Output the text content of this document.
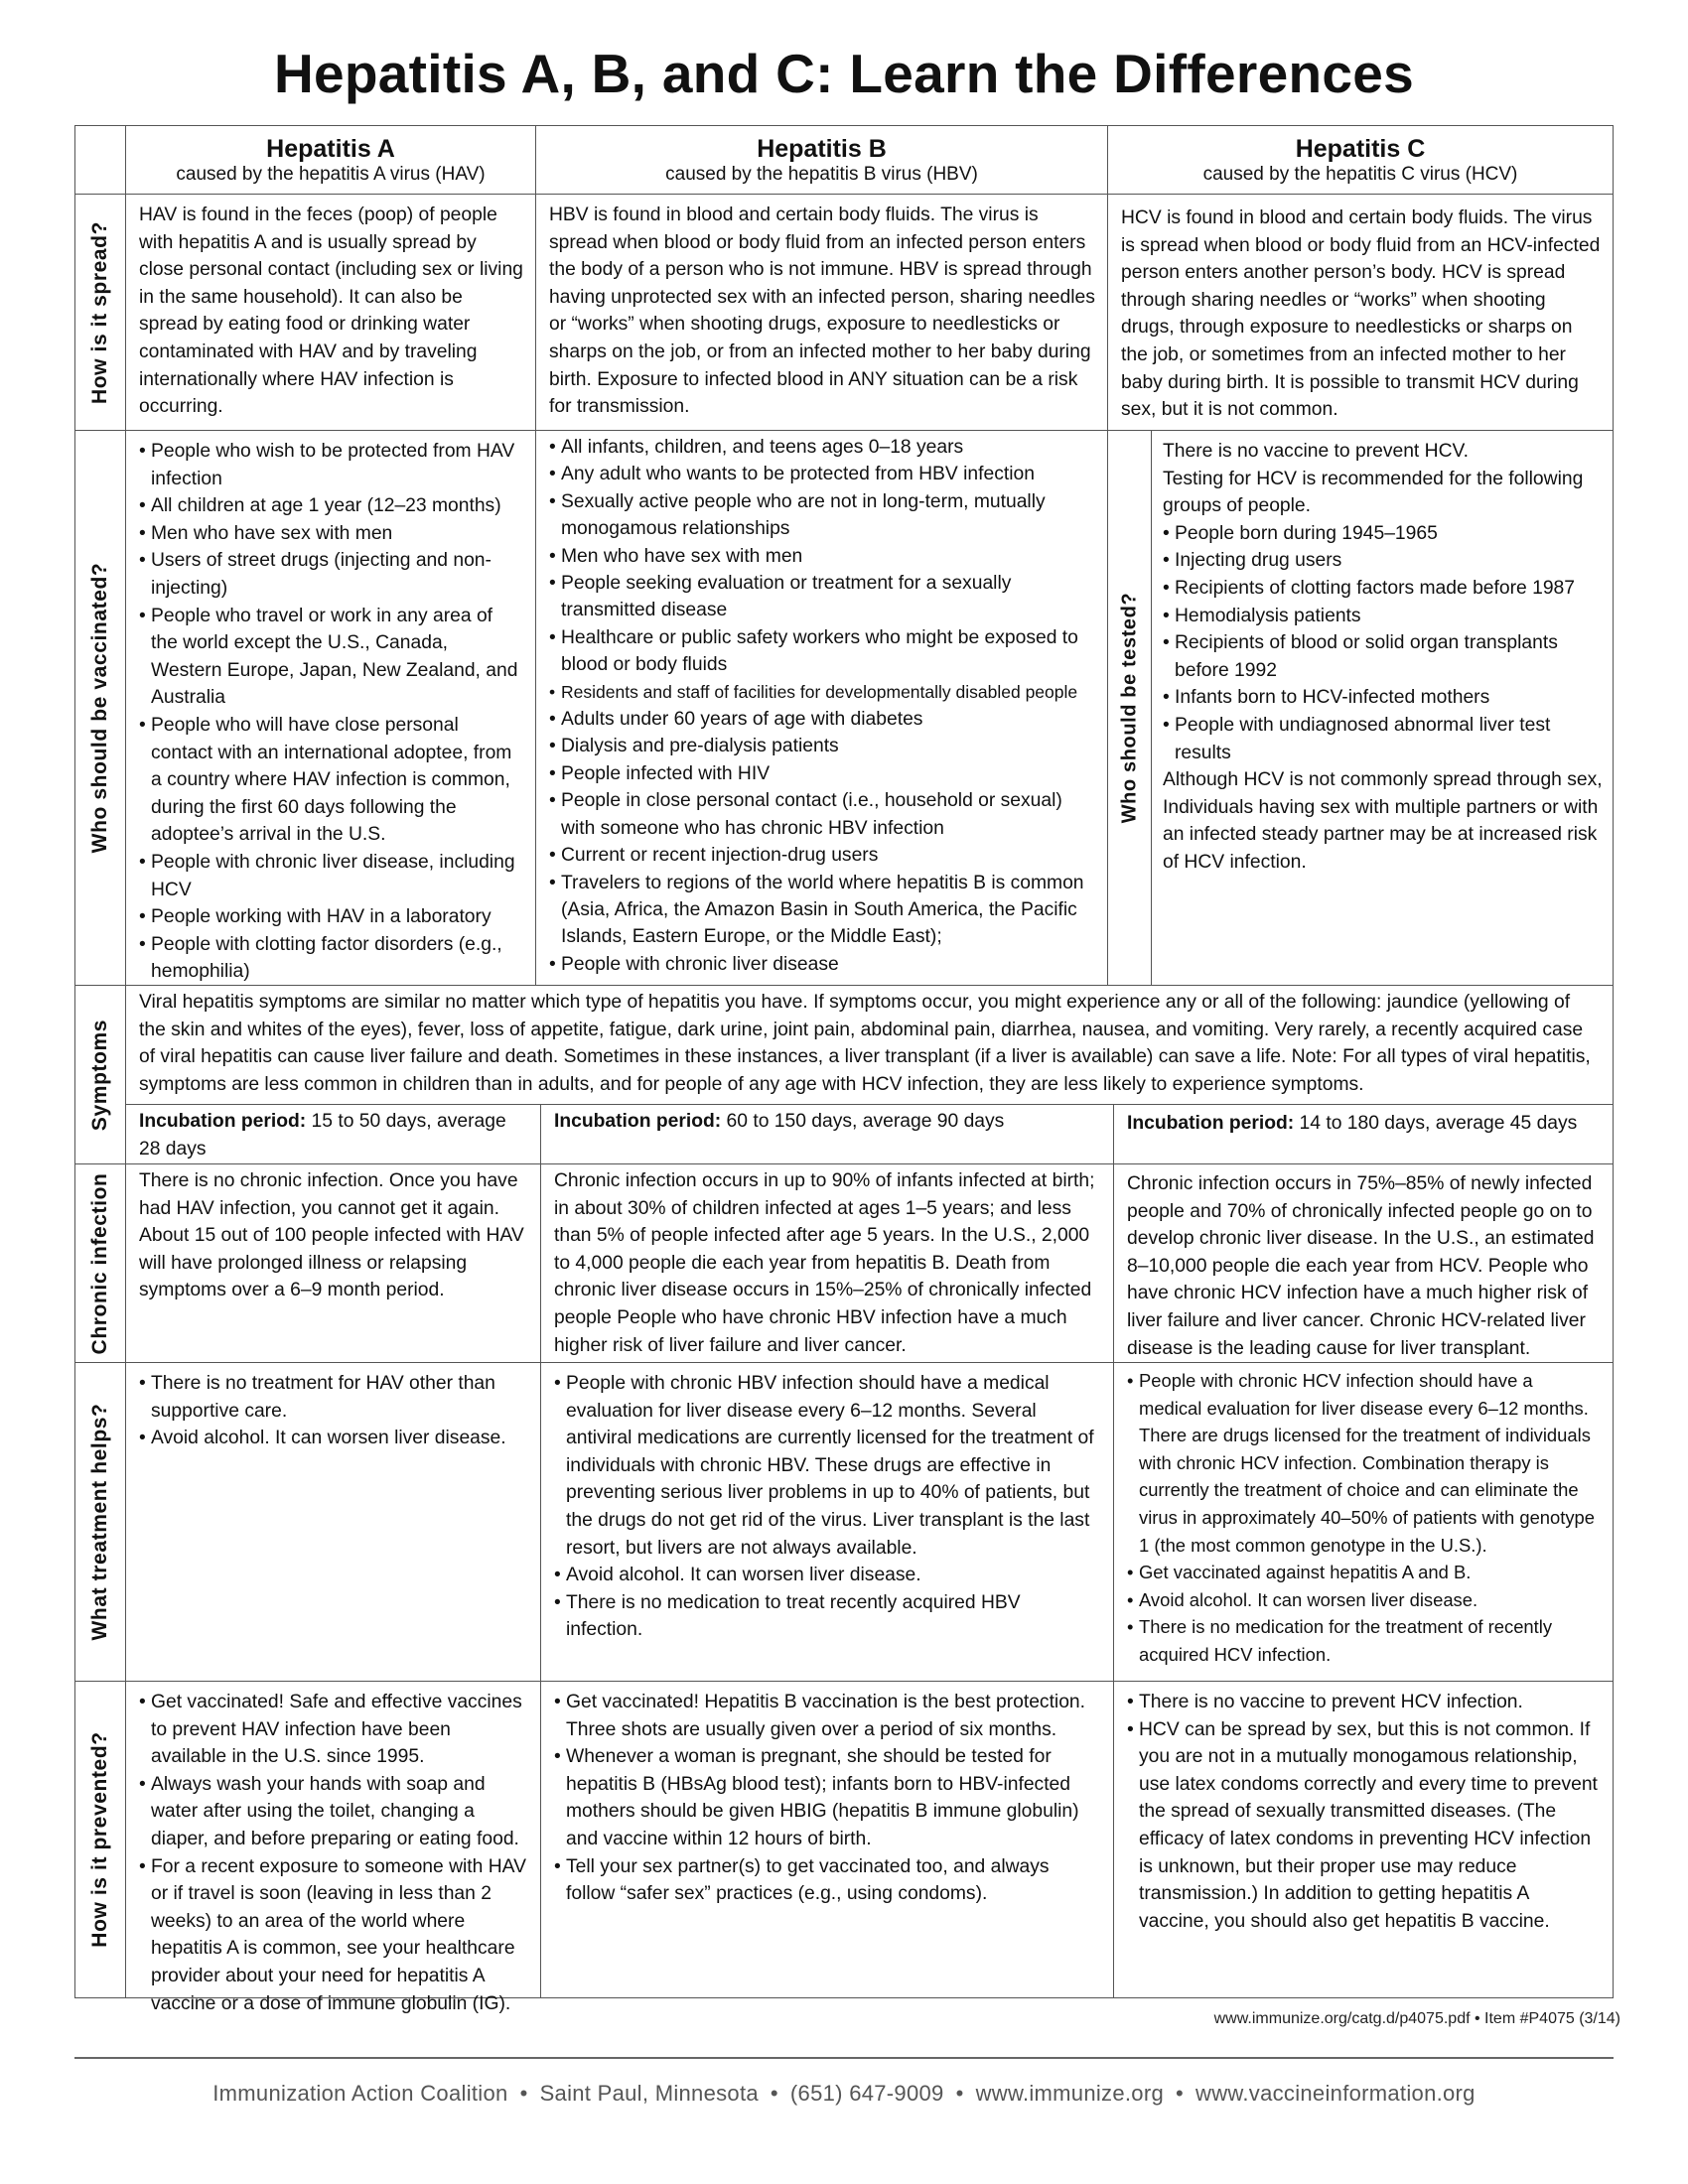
Hepatitis A, B, and C: Learn the Differences
Hepatitis A
caused by the hepatitis A virus (HAV)
Hepatitis B
caused by the hepatitis B virus (HBV)
Hepatitis C
caused by the hepatitis C virus (HCV)
How is it spread?

HAV is found in the feces (poop) of people with hepatitis A and is usually spread by close personal contact (including sex or living in the same household). It can also be spread by eating food or drinking water contaminated with HAV and by traveling internationally where HAV infection is occurring.

HBV is found in blood and certain body fluids. The virus is spread when blood or body fluid from an infected person enters the body of a person who is not immune. HBV is spread through having unprotected sex with an infected person, sharing needles or “works” when shooting drugs, exposure to needlesticks or sharps on the job, or from an infected mother to her baby during birth. Exposure to infected blood in ANY situation can be a risk for transmission.

HCV is found in blood and certain body fluids. The virus is spread when blood or body fluid from an HCV-infected person enters another person’s body. HCV is spread through sharing needles or “works” when shooting drugs, through exposure to needlesticks or sharps on the job, or sometimes from an infected mother to her baby during birth. It is possible to transmit HCV during sex, but it is not common.

Who should be vaccinated?
• People who wish to be protected from HAV infection
• All children at age 1 year (12–23 months)
• Men who have sex with men
• Users of street drugs (injecting and non-injecting)
• People who travel or work in any area of the world except the U.S., Canada, Western Europe, Japan, New Zealand, and Australia
• People who will have close personal contact with an international adoptee, from a country where HAV infection is common, during the first 60 days following the adoptee’s arrival in the U.S.
• People with chronic liver disease, including HCV
• People working with HAV in a laboratory
• People with clotting factor disorders (e.g., hemophilia)
• All infants, children, and teens ages 0–18 years
• Any adult who wants to be protected from HBV infection
• Sexually active people who are not in long-term, mutually monogamous relationships
• Men who have sex with men
• People seeking evaluation or treatment for a sexually transmitted disease
• Healthcare or public safety workers who might be exposed to blood or body fluids
• Residents and staff of facilities for developmentally disabled people
• Adults under 60 years of age with diabetes
• Dialysis and pre-dialysis patients
• People infected with HIV
• People in close personal contact (i.e., household or sexual) with someone who has chronic HBV infection
• Current or recent injection-drug users
• Travelers to regions of the world where hepatitis B is common (Asia, Africa, the Amazon Basin in South America, the Pacific Islands, Eastern Europe, or the Middle East);
• People with chronic liver disease
Who should be tested?

There is no vaccine to prevent HCV.

Testing for HCV is recommended for the following groups of people.

• People born during 1945–1965
• Injecting drug users
• Recipients of clotting factors made before 1987
• Hemodialysis patients
• Recipients of blood or solid organ transplants before 1992
• Infants born to HCV-infected mothers
• People with undiagnosed abnormal liver test results

Although HCV is not commonly spread through sex, Individuals having sex with multiple partners or with an infected steady partner may be at increased risk of HCV infection.

Symptoms

Viral hepatitis symptoms are similar no matter which type of hepatitis you have. If symptoms occur, you might experience any or all of the following: jaundice (yellowing of the skin and whites of the eyes), fever, loss of appetite, fatigue, dark urine, joint pain, abdominal pain, diarrhea, nausea, and vomiting. Very rarely, a recently acquired case of viral hepatitis can cause liver failure and death. Sometimes in these instances, a liver transplant (if a liver is available) can save a life. Note: For all types of viral hepatitis, symptoms are less common in children than in adults, and for people of any age with HCV infection, they are less likely to experience symptoms.

Incubation period: 15 to 50 days, average 28 days
Incubation period: 60 to 150 days, average 90 days	Incubation period: 14 to 180 days, average 45 days
Chronic infection There is no chronic infection. Once you have had HAV infection, you cannot get it again. About 15 out of 100 people infected with HAV will have prolonged illness or relapsing symptoms over a 6–9 month period.

Chronic infection occurs in up to 90% of infants infected at birth; in about 30% of children infected at ages 1–5 years; and less than 5% of people infected after age 5 years. In the U.S., 2,000 to 4,000 people die each year from hepatitis B. Death from chronic liver disease occurs in 15%–25% of chronically infected people People who have chronic HBV infection have a much higher risk of liver failure and liver cancer.

Chronic infection occurs in 75%–85% of newly infected people and 70% of chronically infected people go on to develop chronic liver disease. In the U.S., an estimated 8–10,000 people die each year from HCV. People who have chronic HCV infection have a much higher risk of liver failure and liver cancer. Chronic HCV-related liver disease is the leading cause for liver transplant.

What treatment helps?
• There is no treatment for HAV other than supportive care.
• Avoid alcohol. It can worsen liver disease.
• People with chronic HBV infection should have a medical evaluation for liver disease every 6–12 months. Several antiviral medications are currently licensed for the treatment of individuals with chronic HBV. These drugs are effective in preventing serious liver problems in up to 40% of patients, but the drugs do not get rid of the virus. Liver transplant is the last resort, but livers are not always available.
• Avoid alcohol. It can worsen liver disease.
• There is no medication to treat recently acquired HBV infection.
• People with chronic HCV infection should have a medical evaluation for liver disease every 6–12 months. There are drugs licensed for the treatment of individuals with chronic HCV infection. Combination therapy is currently the treatment of choice and can eliminate the virus in approximately 40–50% of patients with genotype 1 (the most common genotype in the U.S.).
• Get vaccinated against hepatitis A and B.
• Avoid alcohol. It can worsen liver disease.
• There is no medication for the treatment of recently acquired HCV infection.
How is it prevented?
• Get vaccinated! Safe and effective vaccines to prevent HAV infection have been available in the U.S. since 1995.
• Always wash your hands with soap and water after using the toilet, changing a diaper, and before preparing or eating food.
• For a recent exposure to someone with HAV or if travel is soon (leaving in less than 2 weeks) to an area of the world where hepatitis A is common, see your healthcare provider about your need for hepatitis A vaccine or a dose of immune globulin (IG).
• Get vaccinated! Hepatitis B vaccination is the best protection. Three shots are usually given over a period of six months.
• Whenever a woman is pregnant, she should be tested for hepatitis B (HBsAg blood test); infants born to HBV-infected mothers should be given HBIG (hepatitis B immune globulin) and vaccine within 12 hours of birth.
• Tell your sex partner(s) to get vaccinated too, and always follow “safer sex” practices (e.g., using condoms).
• There is no vaccine to prevent HCV infection.
• HCV can be spread by sex, but this is not common. If you are not in a mutually monogamous relationship, use latex condoms correctly and every time to prevent the spread of sexually transmitted diseases. (The efficacy of latex condoms in preventing HCV infection is unknown, but their proper use may reduce transmission.) In addition to getting hepatitis A vaccine, you should also get hepatitis B vaccine.
www.immunize.org/catg.d/p4075.pdf • Item #P4075 (3/14)
Immunization Action Coalition • Saint Paul, Minnesota • (651) 647-9009 • www.immunize.org • www.vaccineinformation.org
